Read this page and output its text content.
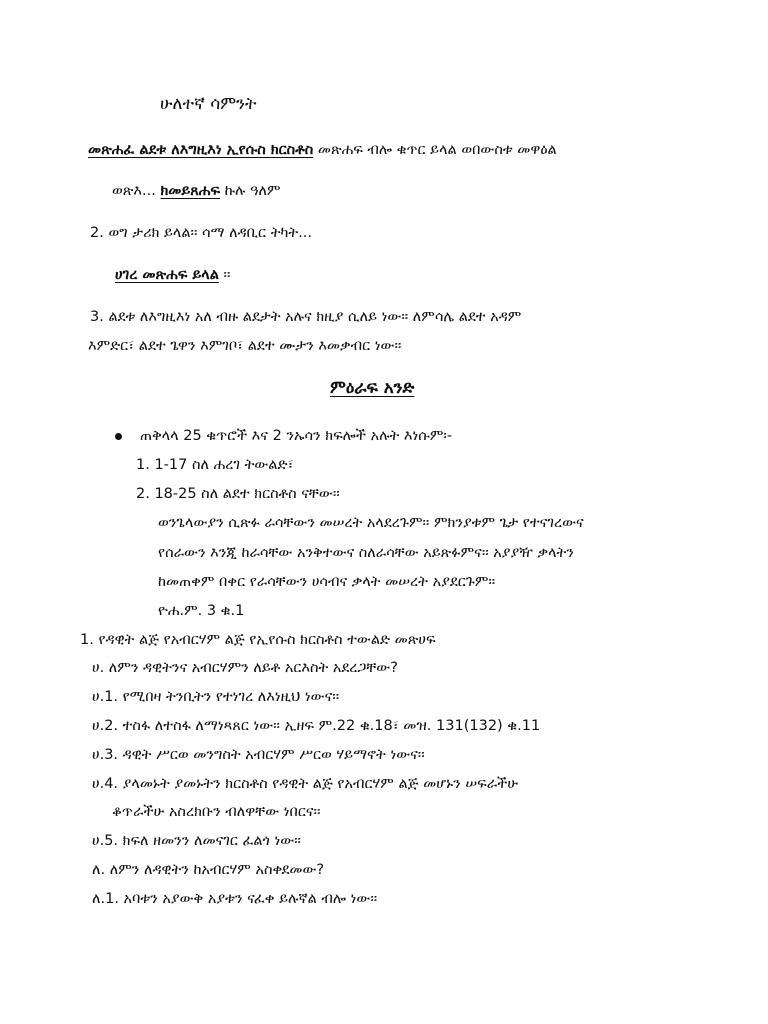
ሁለተኛ ሳምንት
መጽሐፈ ልደቱ ለእግዚእነ ኢየሱስ ክርስቶስ መጽሐፍ ብሎ ቁጥር ይላል ወበውስቱ መዋዕል
ወጽእ... ክመይጸሐፍ ኩሉ ዓለም
2. ወግ ታሪክ ይላል፡፡ ሳማ ለዳቢር ትካት...
ሀገረ መጽሐፍ ይላል ፡፡
3. ልደቱ ለእግዚእነ አለ ብዙ ልደታት አሉና ክዚያ ሲለይ ነው፡፡ ለምሳሌ ልደተ አዳም
እምድር፣ ልደተ ጌዋን እምገቦ፣ ልደተ ሙታን እመቃብር ነው፡፡
ምዕራፍ አንድ
ጠቅላላ 25 ቁጥሮች እና 2 ንኡሳን ክፍሎች አሉት እነሱም፡-
1. 1-17 ስለ ሐረገ ትውልድ፣
2. 18-25 ስለ ልደተ ክርስቶስ ናቸው፡፡
ወንጌላውያን ሲጽፉ ራሳቸውን መሠረት አላደረጉም፡፡ ምክንያቱም ጌታ የተናገረውና
የሰራውን እንጂ ከራሳቸው አንቅተውና ስለራሳቸው አይጽፉምና፡፡ አያያዥ ቃላትን
ከመጠቀም በቀር የራሳቸውን ሀሳብና ቃላት መሠረት አያደርጉም፡፡
ዮሐ.ም. 3 ቁ.1
1. የዳዊት ልጅ የአብርሃም ልጅ የኢየሱስ ክርስቶስ ተውልድ መጽሀፍ
ሀ. ለምን ዳዊትንና አብርሃምን ለይቶ አርእስት አደረጋቸው?
ሀ.1. የሚበዛ ትንቢትን የተነገረ ለእነዚህ ነውና፡፡
ሀ.2. ተስፋ ለተስፋ ለማነጻጸር ነው፡፡ ኢዘፍ ም.22 ቁ.18፣ መዝ. 131(132) ቁ.11
ሀ.3. ዳዊት ሥርወ መንግስት አብርሃም ሥርወ ሃይማኖት ነውና፡፡
ሀ.4. ያላመኑት ያመኑትን ክርስቶስ የዳዊት ልጅ የአብርሃም ልጅ መሆኑን ሠፍራችሁ
ቆጥራችሁ አስረክቡን ብለዋቸው ነበርና፡፡
ሀ.5. ክፍለ ዘመንን ለመናገር ፈልጎ ነው፡፡
ለ. ለምን ለዳዊትን ከአብርሃም አስቀደመው?
ለ.1. አባቱን አያውቅ አያቱን ናፈቀ ይሉኛል ብሎ ነው፡፡
